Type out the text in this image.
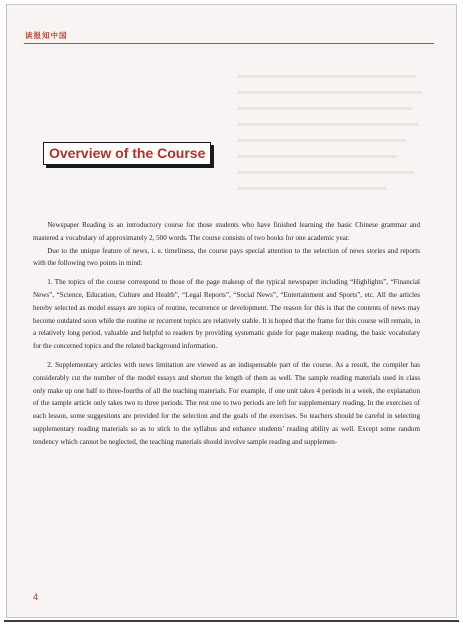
读报知中国
Overview of the Course

Newspaper Reading is an introductory course for those students who have finished learning the basic Chinese grammar and mastered a vocabulary of approximately 2, 500 words. The course consists of two books for one academic year.

Due to the unique feature of news, i. e. timeliness, the course pays special attention to the selection of news stories and reports with the following two points in mind:

1. The topics of the course correspond to those of the page makeup of the typical newspaper including “Highlights”, “Financial News”, “Science, Education, Culture and Health”, “Legal Reports”, “Social News”, “Entertainment and Sports”, etc. All the articles hereby selected as model essays are topics of routine, recurrence or development. The reason for this is that the contents of news may become outdated soon while the routine or recurrent topics are relatively stable. It is hoped that the frame for this course will remain, in a relatively long period, valuable and helpful to readers by providing systematic guide for page makeup reading, the basic vocabulary for the concerned topics and the related background information.

2. Supplementary articles with news limitation are viewed as an indispensable part of the course. As a result, the compiler has considerably cut the number of the model essays and shorten the length of them as well. The sample reading materials used in class only make up one half to three-fourths of all the teaching materials. For example, if one unit takes 4 periods in a week, the explanation of the sample article only takes two to three periods. The rest one to two periods are left for supplementary reading. In the exercises of each lesson, some suggestions are provided for the selection and the goals of the exercises. So teachers should be careful in selecting supplementary reading materials so as to stick to the syllabus and enhance students’ reading ability as well. Except some random tendency which cannot be neglected, the teaching materials should involve sample reading and supplemen-

4
